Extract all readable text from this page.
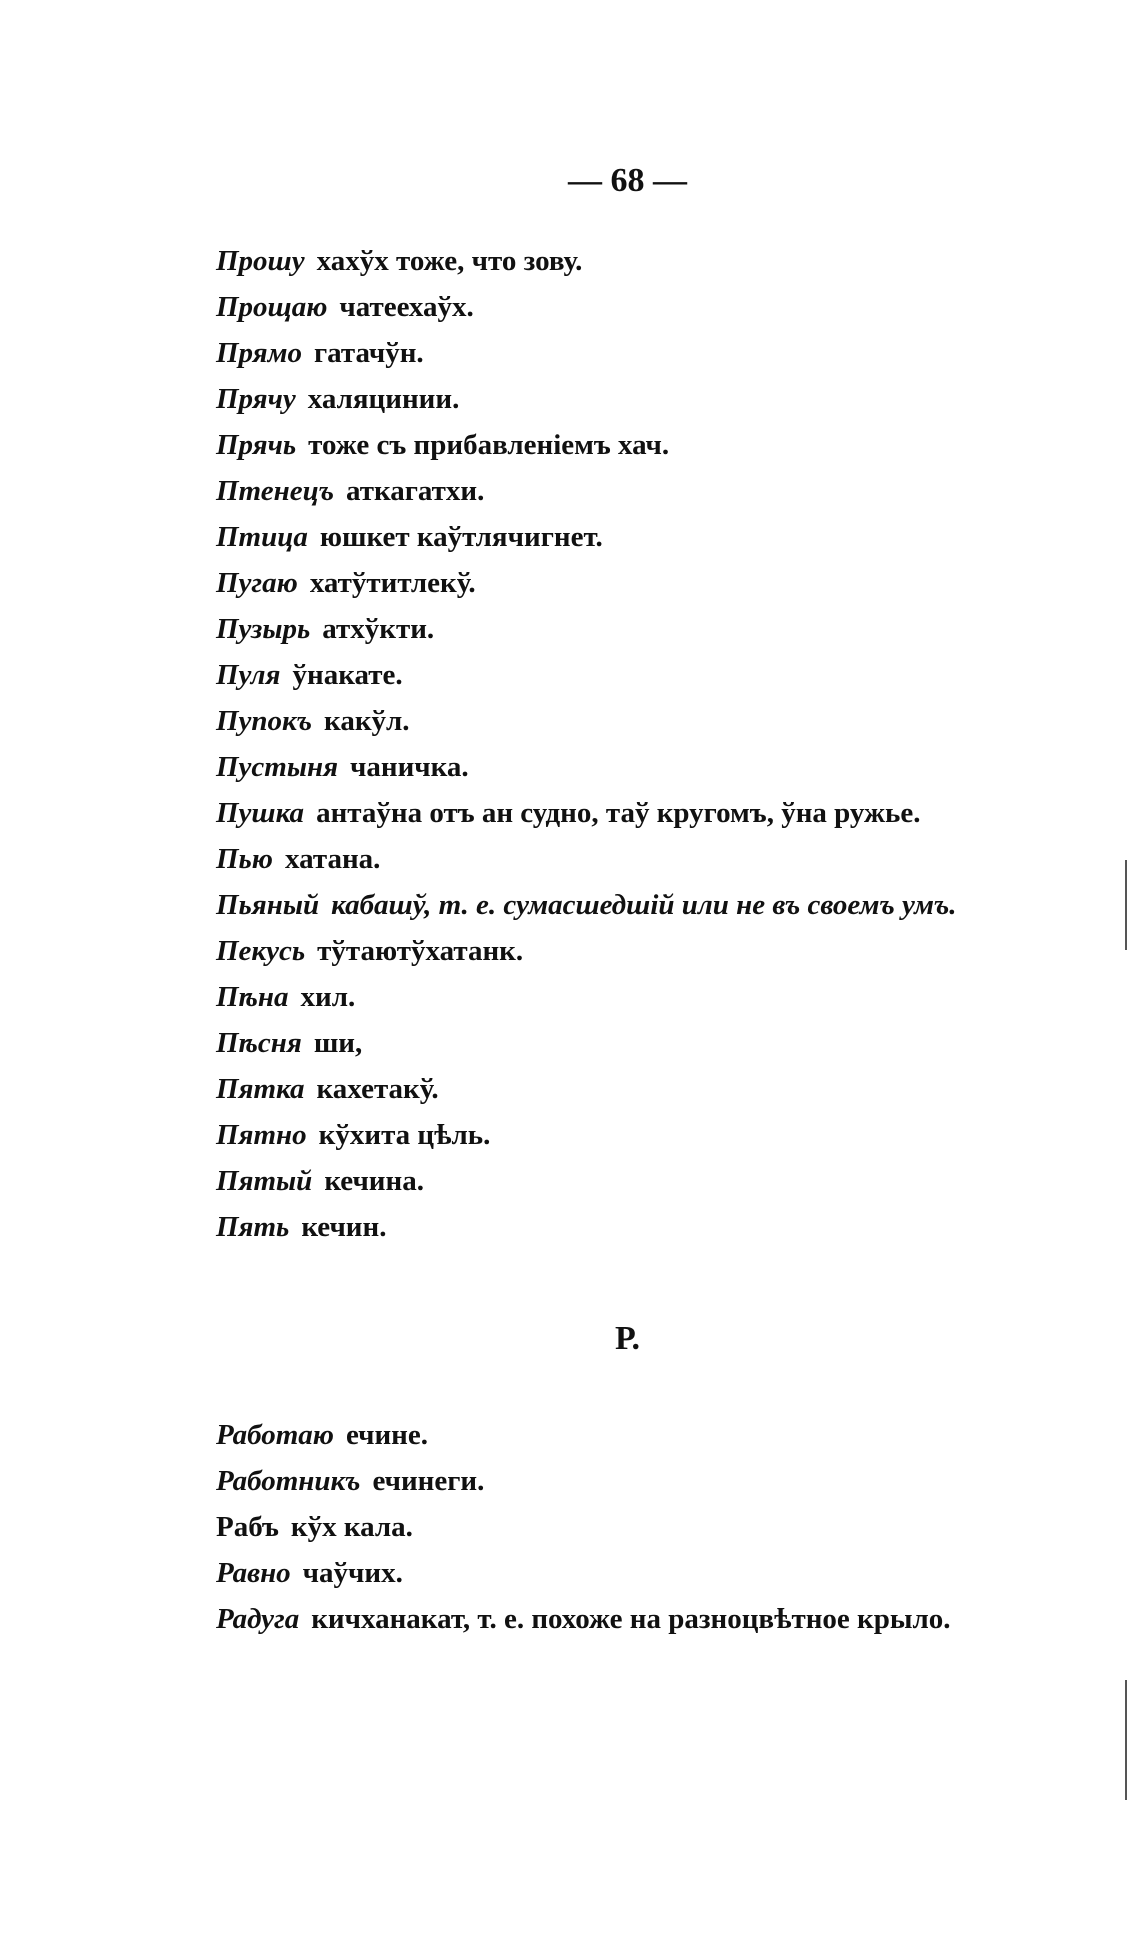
— 68 —
Прошу хахўх тоже, что зову.
Прощаю чатеехаўх.
Прямо гатачўн.
Прячу халяцинии.
Прячь тоже съ прибавленіемъ хач.
Птенецъ аткагатхи.
Птица юшкет каўтлячигнет.
Пугаю хатўтитлекў.
Пузырь атхўкти.
Пуля ўнакате.
Пупокъ какўл.
Пустыня чаничка.
Пушка антаўна отъ ан судно, таў кругомъ, ўна ружье.
Пью хатана.
Пьяный кабашў, т. е. сумасшедшій или не въ своемъ умъ.
Пекусь тўтаютўхатанк.
Пѣна хил.
Пѣсня ши,
Пятка кахетакў.
Пятно кўхита цѣль.
Пятый кечина.
Пять кечин.
Р.
Работаю ечине.
Работникъ ечинеги.
Рабъ кўх кала.
Равно чаўчих.
Радуга кичханакат, т. е. похоже на разноцвѣтное крыло.
